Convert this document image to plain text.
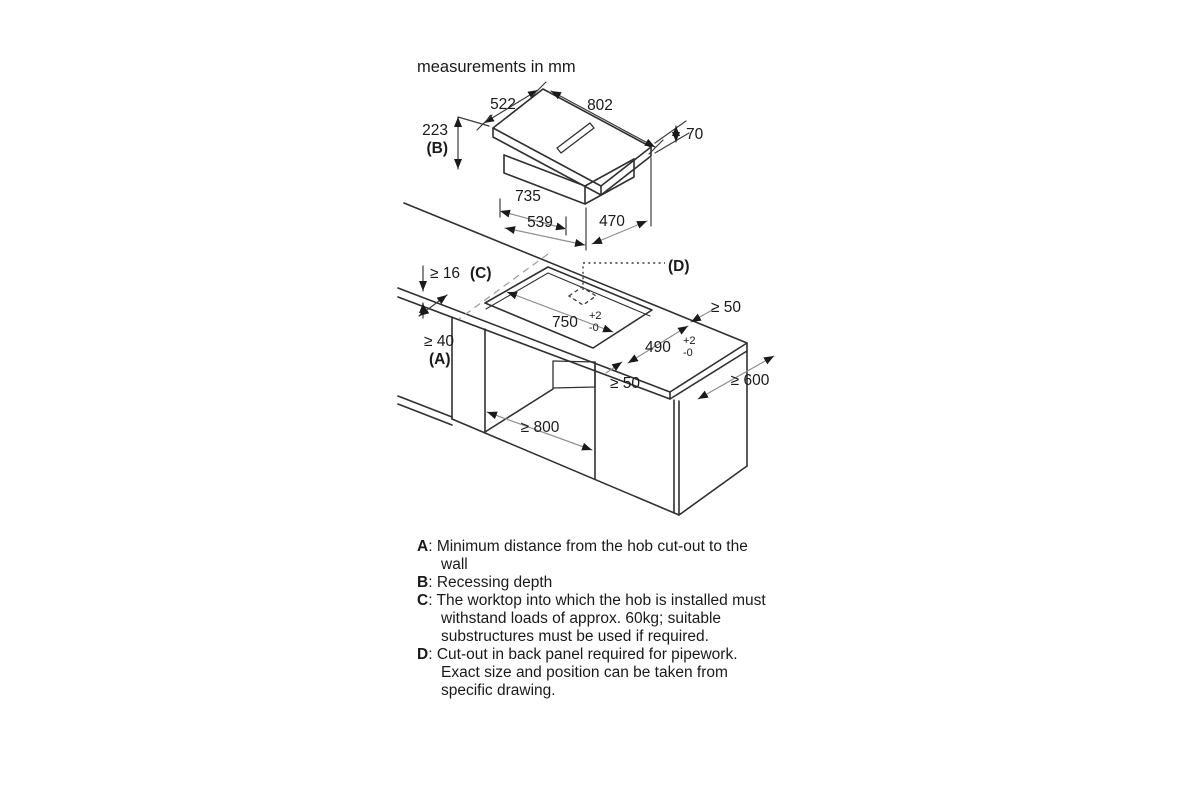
measurements in mm
522	802
70
223
(B)
735
539	470
≥ 16 (C)	(D)
≥ 50
750 +2
-0
≥ 40
(A)
490 +2
-0
≥ 50	≥ 600
≥ 800
A: Minimum distance from the hob cut-out to the wall
B: Recessing depth
C: The worktop into which the hob is installed must withstand loads of approx. 60kg; suitable substructures must be used if required.
D: Cut-out in back panel required for pipework. Exact size and position can be taken from specific drawing.
